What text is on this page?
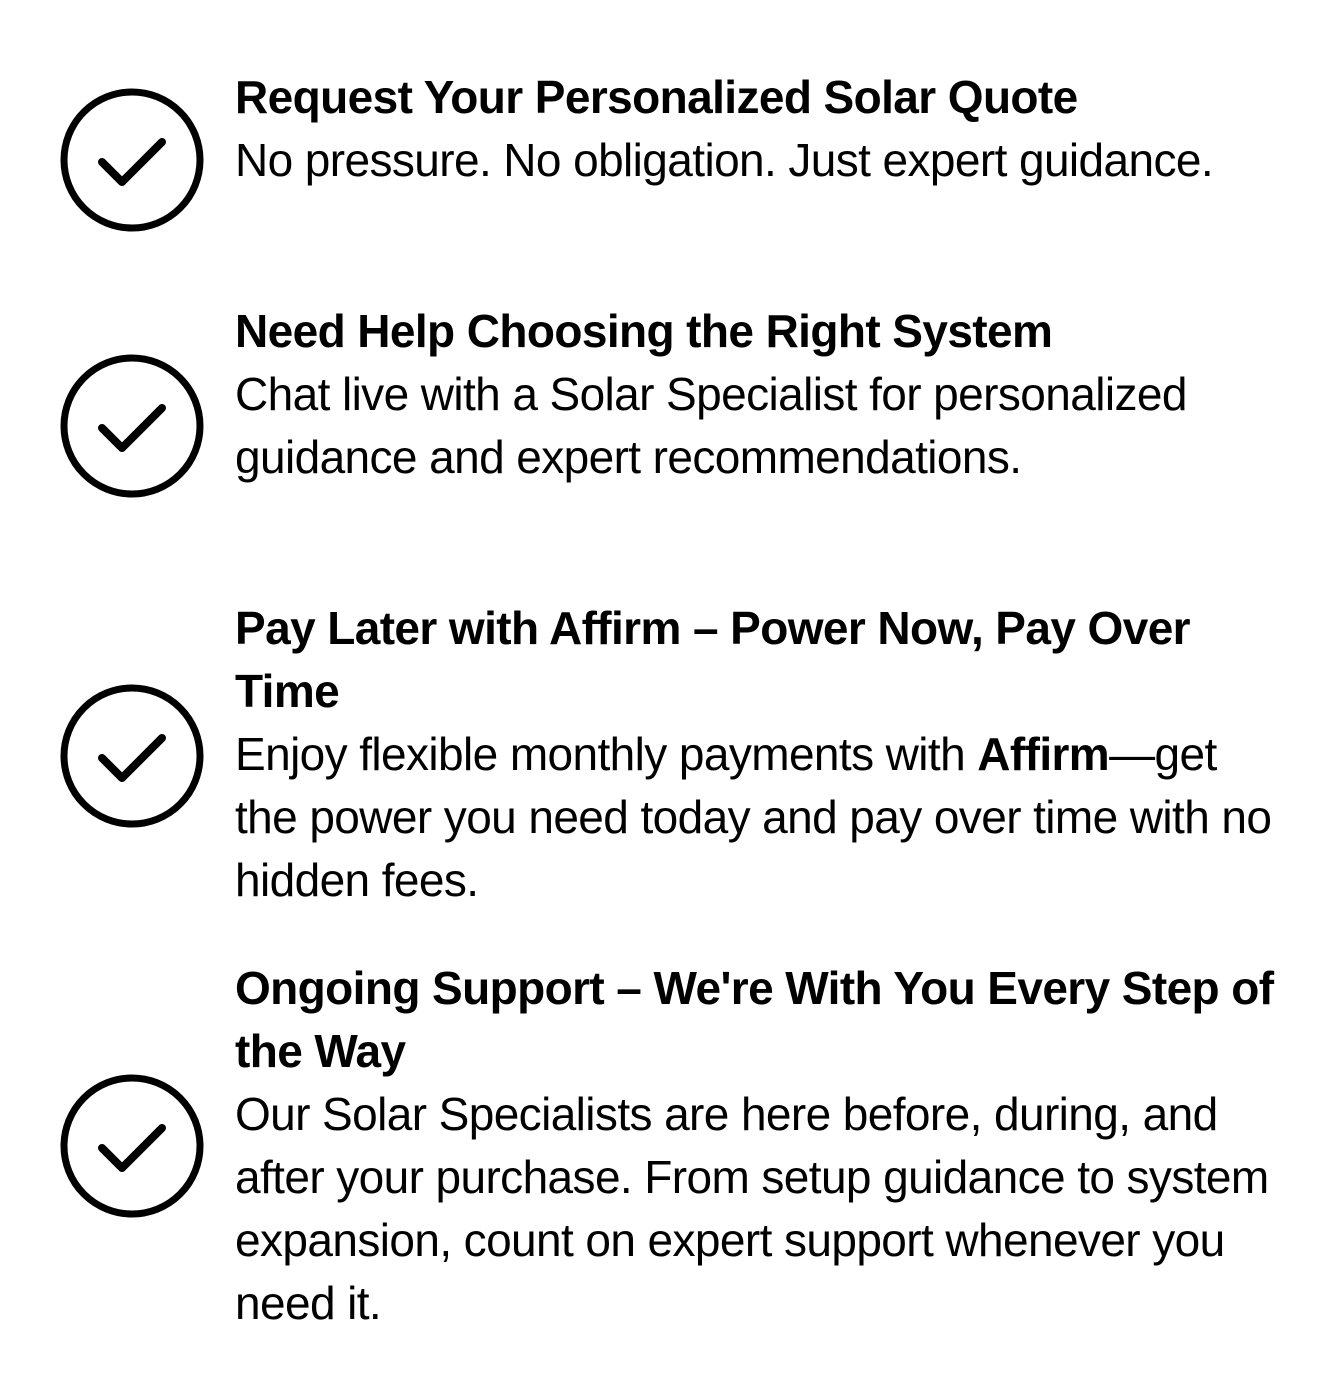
Request Your Personalized Solar Quote
No pressure. No obligation. Just expert guidance.
Need Help Choosing the Right System
Chat live with a Solar Specialist for personalized guidance and expert recommendations.
Pay Later with Affirm – Power Now, Pay Over Time
Enjoy flexible monthly payments with Affirm—get the power you need today and pay over time with no hidden fees.
Ongoing Support – We're With You Every Step of the Way
Our Solar Specialists are here before, during, and after your purchase. From setup guidance to system expansion, count on expert support whenever you need it.
